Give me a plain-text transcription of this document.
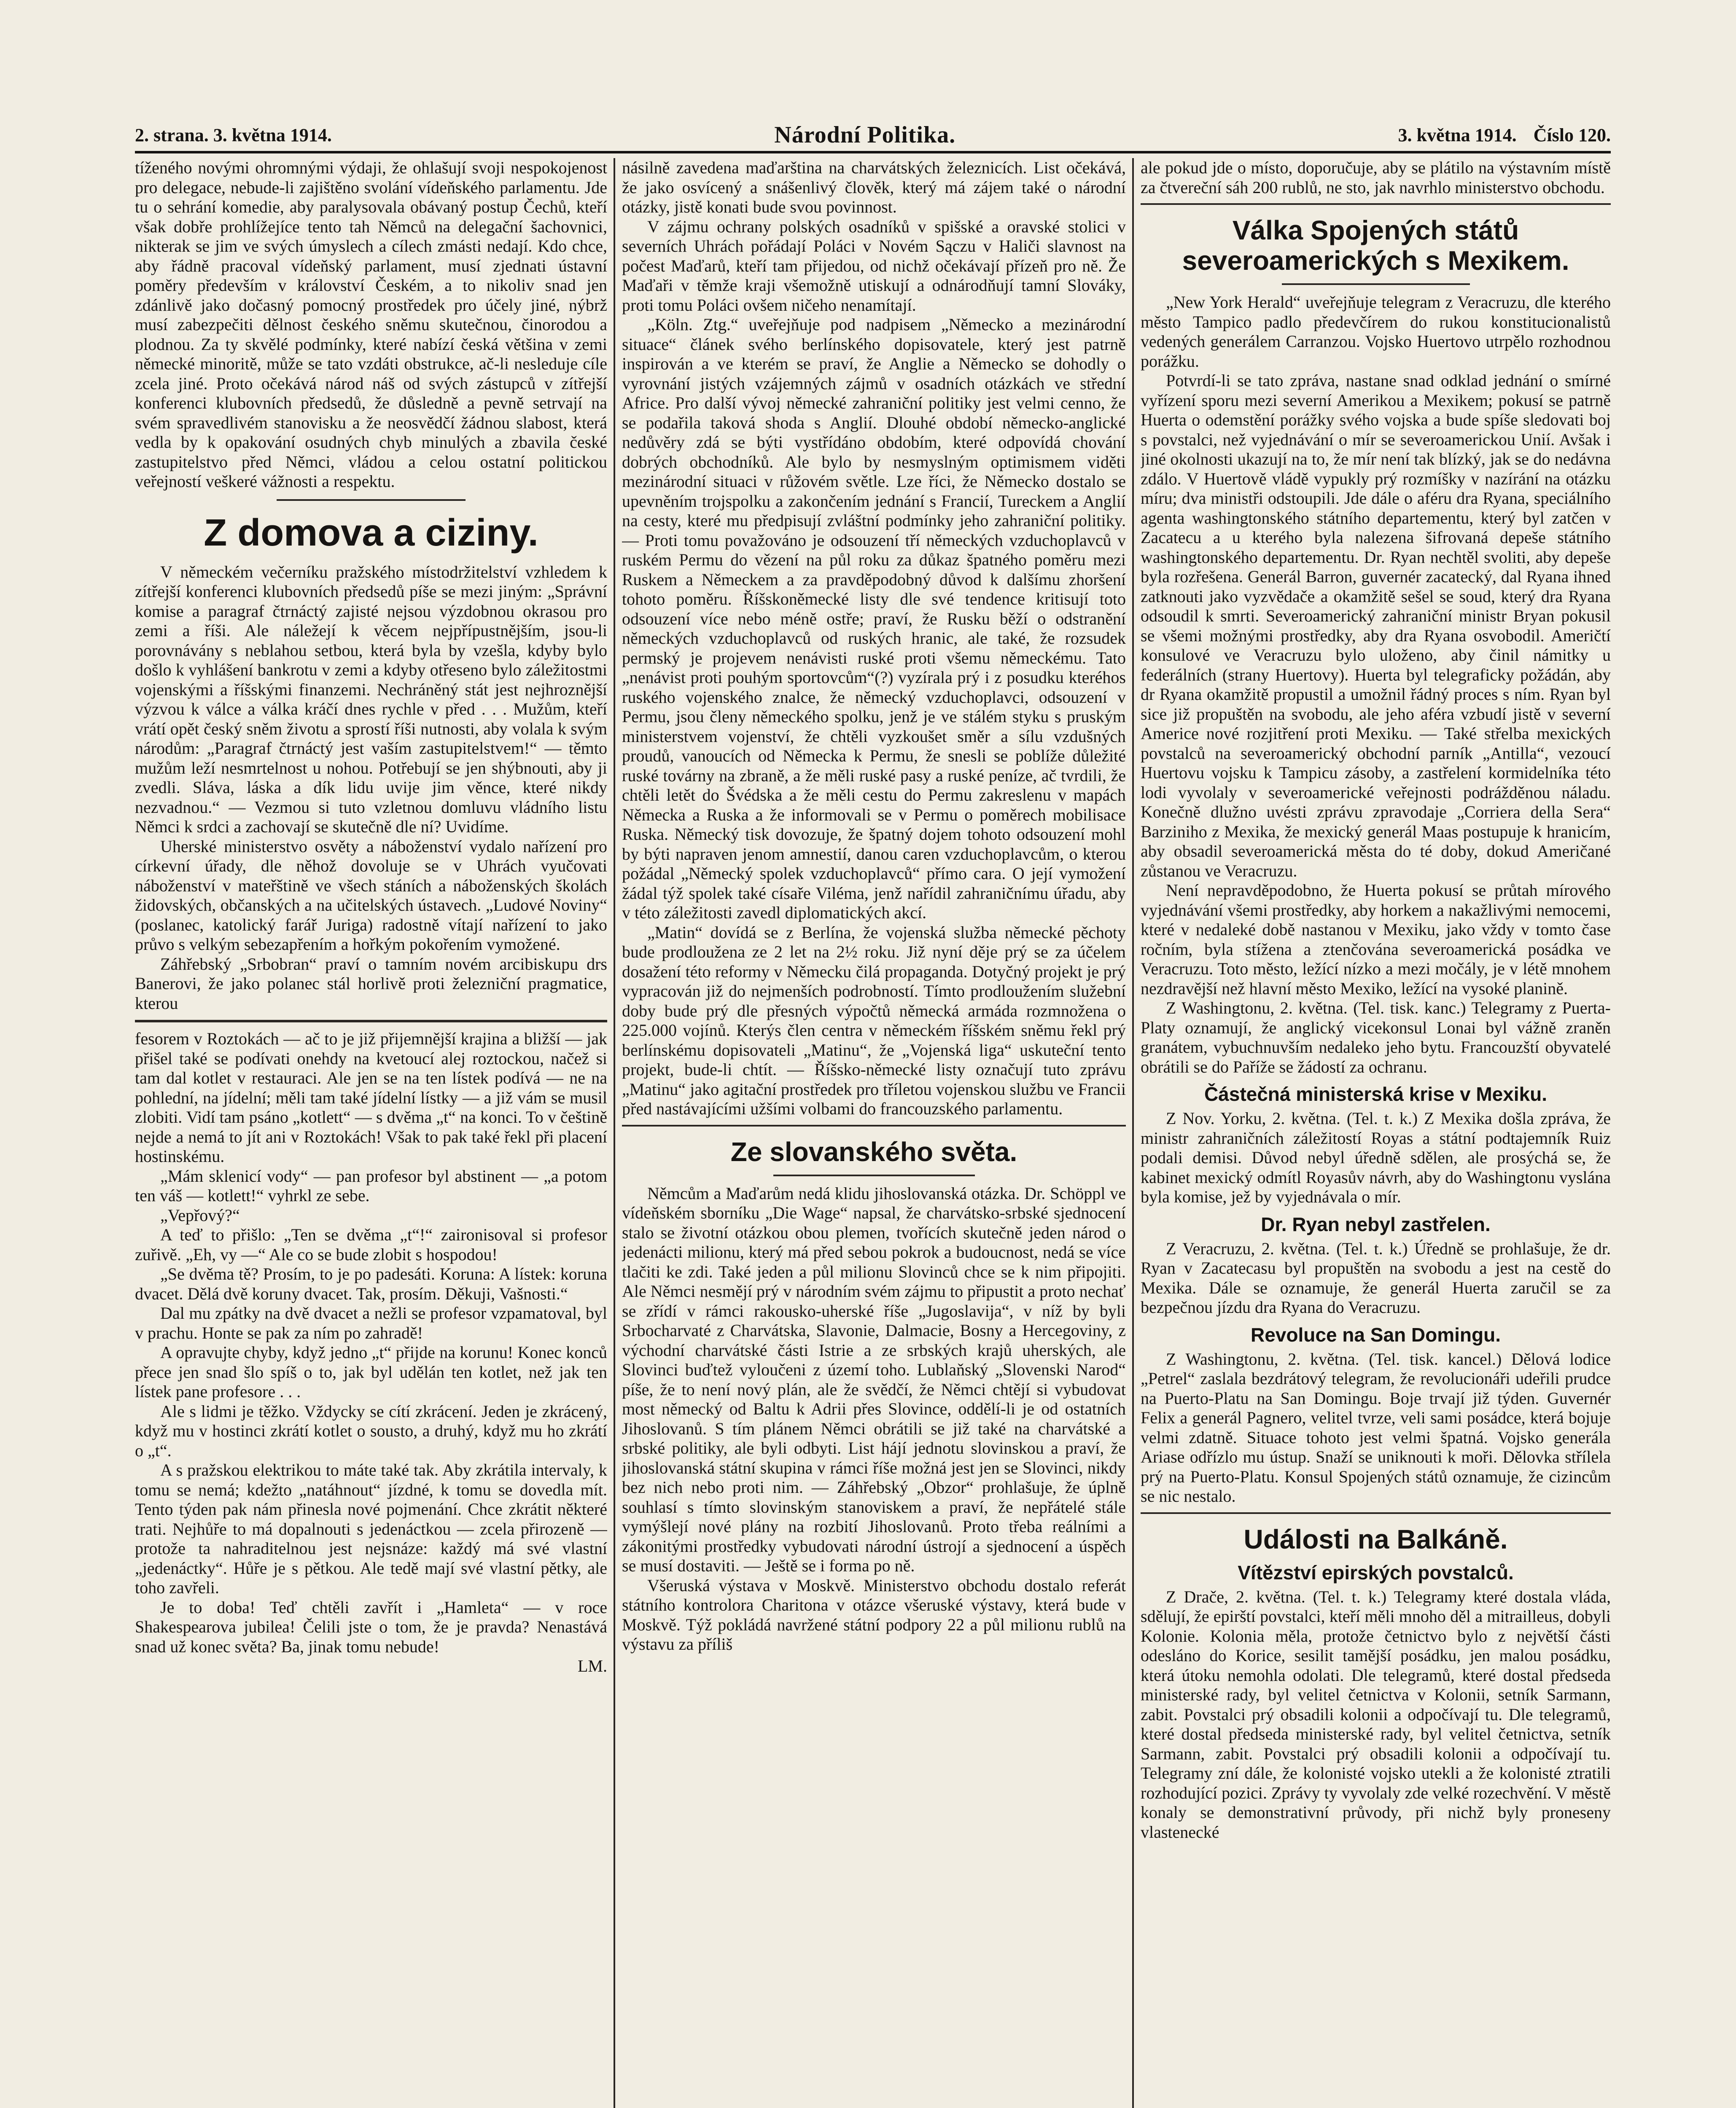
2. strana. 3. května 1914.	Národní Politika.	3. května 1914. Číslo 120.

tíženého novými ohromnými výdaji, že ohlašují svoji nespokojenost pro delegace, nebude-li zajištěno svolání vídeňského parlamentu. Jde tu o sehrání komedie, aby paralysovala obávaný postup Čechů, kteří však dobře prohlížejíce tento tah Němců na delegační šachovnici, nikterak se jim ve svých úmyslech a cílech zmásti nedají. Kdo chce, aby řádně pracoval vídeňský parlament, musí zjednati ústavní poměry především v království Českém, a to nikoliv snad jen zdánlivě jako dočasný pomocný prostředek pro účely jiné, nýbrž musí zabezpečiti dělnost českého sněmu skutečnou, činorodou a plodnou. Za ty skvělé podmínky, které nabízí česká většina v zemi německé minoritě, může se tato vzdáti obstrukce, ač-li nesleduje cíle zcela jiné. Proto očekává národ náš od svých zástupců v zítřejší konferenci klubovních předsedů, že důsledně a pevně setrvají na svém spravedlivém stanovisku a že neosvědčí žádnou slabost, která vedla by k opakování osudných chyb minulých a zbavila české zastupitelstvo před Němci, vládou a celou ostatní politickou veřejností veškeré vážnosti a respektu.

Z domova a ciziny.

V německém večerníku pražského místodržitelství vzhledem k zítřejší konferenci klubovních předsedů píše se mezi jiným: „Správní komise a paragraf čtrnáctý zajisté nejsou výzdobnou okrasou pro zemi a říši. Ale náležejí k věcem nejpřípustnějším, jsou-li porovnávány s neblahou setbou, která byla by vzešla, kdyby bylo došlo k vyhlášení bankrotu v zemi a kdyby otřeseno bylo záležitostmi vojenskými a říšskými finanzemi. Nechráněný stát jest nejhroznější výzvou k válce a válka kráčí dnes rychle v před . . . Mužům, kteří vrátí opět český sněm životu a sprostí říši nutnosti, aby volala k svým národům: „Paragraf čtrnáctý jest vaším zastupitelstvem!“ — těmto mužům leží nesmrtelnost u nohou. Potřebují se jen shýbnouti, aby ji zvedli. Sláva, láska a dík lidu uvije jim věnce, které nikdy nezvadnou.“ — Vezmou si tuto vzletnou domluvu vládního listu Němci k srdci a zachovají se skutečně dle ní? Uvidíme.

Uherské ministerstvo osvěty a náboženství vydalo nařízení pro církevní úřady, dle něhož dovoluje se v Uhrách vyučovati náboženství v mateřštině ve všech stáních a náboženských školách židovských, občanských a na učitelských ústavech. „Ludové Noviny“ (poslanec, katolický farář Juriga) radostně vítají nařízení to jako průvo s velkým sebezapřením a hořkým pokořením vymožené.

Záhřebský „Srbobran“ praví o tamním novém arcibiskupu drs Banerovi, že jako polanec stál horlivě proti železniční pragmatice, kterou

fesorem v Roztokách — ač to je již přijemnější krajina a bližší — jak přišel také se podívati onehdy na kvetoucí alej roztockou, načež si tam dal kotlet v restauraci. Ale jen se na ten lístek podívá — ne na pohlední, na jídelní; měli tam také jídelní lístky — a již vám se musil zlobiti. Vidí tam psáno „kotlett“ — s dvěma „t“ na konci. To v češtině nejde a nemá to jít ani v Roztokách! Však to pak také řekl při placení hostinskému.

„Mám sklenicí vody“ — pan profesor byl abstinent — „a potom ten váš — kotlett!“ vyhrkl ze sebe.

„Vepřový?“

A teď to přišlo: „Ten se dvěma „t“!“ zaironisoval si profesor zuřivě. „Eh, vy —“ Ale co se bude zlobit s hospodou!

„Se dvěma tě? Prosím, to je po padesáti. Koruna: A lístek: koruna dvacet. Dělá dvě koruny dvacet. Tak, prosím. Děkuji, Vašnosti.“

Dal mu zpátky na dvě dvacet a nežli se profesor vzpamatoval, byl v prachu. Honte se pak za ním po zahradě!

A opravujte chyby, když jedno „t“ přijde na korunu! Konec konců přece jen snad šlo spíš o to, jak byl udělán ten kotlet, než jak ten lístek pane profesore . . .

Ale s lidmi je těžko. Vždycky se cítí zkrácení. Jeden je zkrácený, když mu v hostinci zkrátí kotlet o sousto, a druhý, když mu ho zkrátí o „t“.

A s pražskou elektrikou to máte také tak. Aby zkrátila intervaly, k tomu se nemá; kdežto „natáhnout“ jízdné, k tomu se dovedla mít. Tento týden pak nám přinesla nové pojmenání. Chce zkrátit některé trati. Nejhůře to má dopalnouti s jedenáctkou — zcela přirozeně — protože ta nahraditelnou jest nejsnáze: každý má své vlastní „jedenáctky“. Hůře je s pětkou. Ale tedě mají své vlastní pětky, ale toho zavřeli.

Je to doba! Teď chtěli zavřít i „Hamleta“ — v roce Shakespearova jubilea! Čelili jste o tom, že je pravda? Nenastává snad už konec světa? Ba, jinak tomu nebude!

LM.

násilně zavedena maďarština na charvátských železnicích. List očekává, že jako osvícený a snášenlivý člověk, který má zájem také o národní otázky, jistě konati bude svou povinnost.

V zájmu ochrany polských osadníků v spišské a oravské stolici v severních Uhrách pořádají Poláci v Novém Sączu v Haliči slavnost na počest Maďarů, kteří tam přijedou, od nichž očekávají přízeň pro ně. Že Maďaři v těmže kraji všemožně utiskují a odnárodňují tamní Slováky, proti tomu Poláci ovšem ničeho nenamítají.

„Köln. Ztg.“ uveřejňuje pod nadpisem „Německo a mezinárodní situace“ článek svého berlínského dopisovatele, který jest patrně inspirován a ve kterém se praví, že Anglie a Německo se dohodly o vyrovnání jistých vzájemných zájmů v osadních otázkách ve střední Africe. Pro další vývoj německé zahraniční politiky jest velmi cenno, že se podařila taková shoda s Anglií. Dlouhé období německo-anglické nedůvěry zdá se býti vystřídáno obdobím, které odpovídá chování dobrých obchodníků. Ale bylo by nesmyslným optimismem viděti mezinárodní situaci v růžovém světle. Lze říci, že Německo dostalo se upevněním trojspolku a zakončením jednání s Francií, Tureckem a Anglií na cesty, které mu předpisují zvláštní podmínky jeho zahraniční politiky. — Proti tomu považováno je odsouzení tří německých vzduchoplavců v ruském Permu do vězení na půl roku za důkaz špatného poměru mezi Ruskem a Německem a za pravděpodobný důvod k dalšímu zhoršení tohoto poměru. Říšskoněmecké listy dle své tendence kritisují toto odsouzení více nebo méně ostře; praví, že Rusku běží o odstranění německých vzduchoplavců od ruských hranic, ale také, že rozsudek permský je projevem nenávisti ruské proti všemu německému. Tato „nenávist proti pouhým sportovcům“(?) vyzírala prý i z posudku kteréhos ruského vojenského znalce, že německý vzduchoplavci, odsouzení v Permu, jsou členy německého spolku, jenž je ve stálém styku s pruským ministerstvem vojenství, že chtěli vyzkoušet směr a sílu vzdušných proudů, vanoucích od Německa k Permu, že snesli se poblíže důležité ruské továrny na zbraně, a že měli ruské pasy a ruské peníze, ač tvrdili, že chtěli letět do Švédska a že měli cestu do Permu zakreslenu v mapách Německa a Ruska a že informovali se v Permu o poměrech mobilisace Ruska. Německý tisk dovozuje, že špatný dojem tohoto odsouzení mohl by býti napraven jenom amnestií, danou caren vzduchoplavcům, o kterou požádal „Německý spolek vzduchoplavců“ přímo cara. O její vymožení žádal týž spolek také císaře Viléma, jenž nařídil zahraničnímu úřadu, aby v této záležitosti zavedl diplomatických akcí.

„Matin“ dovídá se z Berlína, že vojenská služba německé pěchoty bude prodloužena ze 2 let na 2½ roku. Již nyní děje prý se za účelem dosažení této reformy v Německu čilá propaganda. Dotyčný projekt je prý vypracován již do nejmenších podrobností. Tímto prodloužením služební doby bude prý dle přesných výpočtů německá armáda rozmnožena o 225.000 vojínů. Kterýs člen centra v německém říšském sněmu řekl prý berlínskému dopisovateli „Matinu“, že „Vojenská liga“ uskuteční tento projekt, bude-li chtít. — Říšsko-německé listy označují tuto zprávu „Matinu“ jako agitační prostředek pro tříletou vojenskou službu ve Francii před nastávajícími užšími volbami do francouzského parlamentu.

Ze slovanského světa.

Němcům a Maďarům nedá klidu jihoslovanská otázka. Dr. Schöppl ve vídeňském sborníku „Die Wage“ napsal, že charvátsko-srbské sjednocení stalo se životní otázkou obou plemen, tvořících skutečně jeden národ o jedenácti milionu, který má před sebou pokrok a budoucnost, nedá se více tlačiti ke zdi. Také jeden a půl milionu Slovinců chce se k nim připojiti. Ale Němci nesmějí prý v národním svém zájmu to připustit a proto nechať se zřídí v rámci rakousko-uherské říše „Jugoslavija“, v níž by byli Srbocharvaté z Charvátska, Slavonie, Dalmacie, Bosny a Hercegoviny, z východní charvátské části Istrie a ze srbských krajů uherských, ale Slovinci buďtež vyloučeni z území toho. Lublaňský „Slovenski Narod“ píše, že to není nový plán, ale že svědčí, že Němci chtějí si vybudovat most německý od Baltu k Adrii přes Slovince, oddělí-li je od ostatních Jihoslovanů. S tím plánem Němci obrátili se již také na charvátské a srbské politiky, ale byli odbyti. List hájí jednotu slovinskou a praví, že jihoslovanská státní skupina v rámci říše možná jest jen se Slovinci, nikdy bez nich nebo proti nim. — Záhřebský „Obzor“ prohlašuje, že úplně souhlasí s tímto slovinským stanoviskem a praví, že nepřátelé stále vymýšlejí nové plány na rozbití Jihoslovanů. Proto třeba reálními a zákonitými prostředky vybudovati národní ústrojí a sjednocení a úspěch se musí dostaviti. — Ještě se i forma po ně.

Všeruská výstava v Moskvě. Ministerstvo obchodu dostalo referát státního kontrolora Charitona v otázce všeruské výstavy, která bude v Moskvě. Týž pokládá navržené státní podpory 22 a půl milionu rublů na výstavu za příliš

ale pokud jde o místo, doporučuje, aby se plátilo na výstavním místě za čtvereční sáh 200 rublů, ne sto, jak navrhlo ministerstvo obchodu.

Válka Spojených států severoamerických s Mexikem.

„New York Herald“ uveřejňuje telegram z Veracruzu, dle kterého město Tampico padlo předevčírem do rukou konstitucionalistů vedených generálem Carranzou. Vojsko Huertovo utrpělo rozhodnou porážku.

Potvrdí-li se tato zpráva, nastane snad odklad jednání o smírné vyřízení sporu mezi severní Amerikou a Mexikem; pokusí se patrně Huerta o odemstění porážky svého vojska a bude spíše sledovati boj s povstalci, než vyjednávání o mír se severoamerickou Unií. Avšak i jiné okolnosti ukazují na to, že mír není tak blízký, jak se do nedávna zdálo. V Huertově vládě vypukly prý rozmíšky v nazírání na otázku míru; dva ministři odstoupili. Jde dále o aféru dra Ryana, speciálního agenta washingtonského státního departementu, který byl zatčen v Zacatecu a u kterého byla nalezena šifrovaná depeše státního washingtonského departementu. Dr. Ryan nechtěl svoliti, aby depeše byla rozřešena. Generál Barron, guvernér zacatecký, dal Ryana ihned zatknouti jako vyzvědače a okamžitě sešel se soud, který dra Ryana odsoudil k smrti. Severoamerický zahraniční ministr Bryan pokusil se všemi možnými prostředky, aby dra Ryana osvobodil. Američtí konsulové ve Veracruzu bylo uloženo, aby činil námitky u federálních (strany Huertovy). Huerta byl telegraficky požádán, aby dr Ryana okamžitě propustil a umožnil řádný proces s ním. Ryan byl sice již propuštěn na svobodu, ale jeho aféra vzbudí jistě v severní Americe nové rozjitření proti Mexiku. — Také střelba mexických povstalců na severoamerický obchodní parník „Antilla“, vezoucí Huertovu vojsku k Tampicu zásoby, a zastřelení kormidelníka této lodi vyvolaly v severoamerické veřejnosti podrážděnou náladu. Konečně dlužno uvésti zprávu zpravodaje „Corriera della Sera“ Barziniho z Mexika, že mexický generál Maas postupuje k hranicím, aby obsadil severoamerická města do té doby, dokud Američané zůstanou ve Veracruzu.

Není nepravděpodobno, že Huerta pokusí se průtah mírového vyjednávání všemi prostředky, aby horkem a nakažlivými nemocemi, které v nedaleké době nastanou v Mexiku, jako vždy v tomto čase ročním, byla stížena a ztenčována severoamerická posádka ve Veracruzu. Toto město, ležící nízko a mezi močály, je v létě mnohem nezdravější než hlavní město Mexiko, ležící na vysoké planině.

Z Washingtonu, 2. května. (Tel. tisk. kanc.) Telegramy z Puerta-Platy oznamují, že anglický vicekonsul Lonai byl vážně zraněn granátem, vybuchnuvším nedaleko jeho bytu. Francouzští obyvatelé obrátili se do Paříže se žádostí za ochranu.

Částečná ministerská krise v Mexiku.

Z Nov. Yorku, 2. května. (Tel. t. k.) Z Mexika došla zpráva, že ministr zahraničních záležitostí Royas a státní podtajemník Ruiz podali demisi. Důvod nebyl úředně sdělen, ale prosýchá se, že kabinet mexický odmítl Royasův návrh, aby do Washingtonu vyslána byla komise, jež by vyjednávala o mír.

Dr. Ryan nebyl zastřelen.

Z Veracruzu, 2. května. (Tel. t. k.) Úředně se prohlašuje, že dr. Ryan v Zacatecasu byl propuštěn na svobodu a jest na cestě do Mexika. Dále se oznamuje, že generál Huerta zaručil se za bezpečnou jízdu dra Ryana do Veracruzu.

Revoluce na San Domingu.

Z Washingtonu, 2. května. (Tel. tisk. kancel.) Dělová lodice „Petrel“ zaslala bezdrátový telegram, že revolucionáři udeřili prudce na Puerto-Platu na San Domingu. Boje trvají již týden. Guvernér Felix a generál Pagnero, velitel tvrze, veli sami posádce, která bojuje velmi zdatně. Situace tohoto jest velmi špatná. Vojsko generála Ariase odřízlo mu ústup. Snaží se uniknouti k moři. Dělovka střílela prý na Puerto-Platu. Konsul Spojených států oznamuje, že cizincům se nic nestalo.

Události na Balkáně.
Vítězství epirských povstalců.

Z Drače, 2. května. (Tel. t. k.) Telegramy které dostala vláda, sdělují, že epirští povstalci, kteří měli mnoho děl a mitrailleus, dobyli Kolonie. Kolonia měla, protože četnictvo bylo z největší části odesláno do Korice, sesilit tamější posádku, jen malou posádku, která útoku nemohla odolati. Dle telegramů, které dostal předseda ministerské rady, byl velitel četnictva v Kolonii, setník Sarmann, zabit. Povstalci prý obsadili kolonii a odpočívají tu. Dle telegramů, které dostal předseda ministerské rady, byl velitel četnictva, setník Sarmann, zabit. Povstalci prý obsadili kolonii a odpočívají tu. Telegramy zní dále, že kolonisté vojsko utekli a že kolonisté ztratili rozhodující pozici. Zprávy ty vyvolaly zde velké rozechvění. V městě konaly se demonstrativní průvody, při nichž byly proneseny vlastenecké
